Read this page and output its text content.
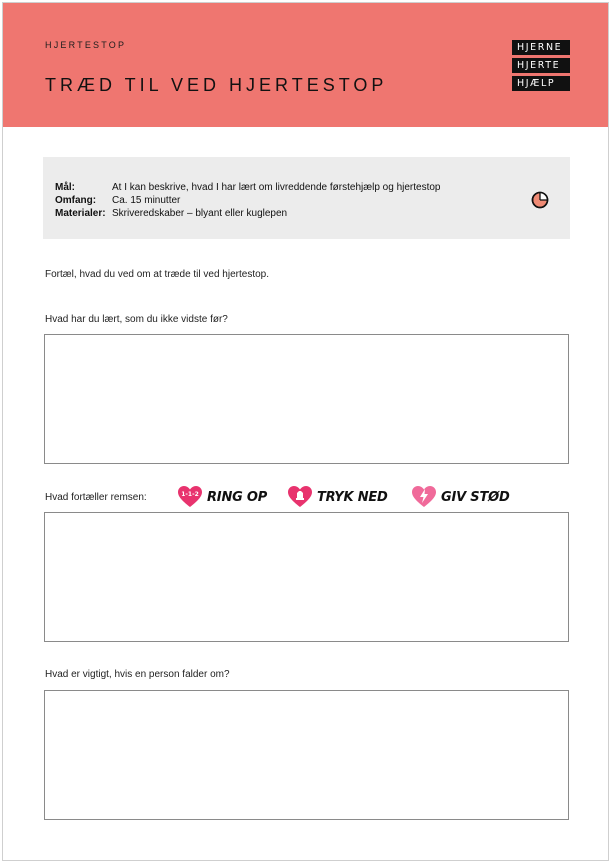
HJERTESTOP
TRÆD TIL VED HJERTESTOP
HJERNE
HJERTE
HJÆLP
Mål:	At I kan beskrive, hvad I har lært om livreddende førstehjælp og hjertestop
Omfang: Ca. 15 minutter
Materialer: Skriveredskaber – blyant eller kuglepen
Fortæl, hvad du ved om at træde til ved hjertestop.
Hvad har du lært, som du ikke vidste før?
Hvad fortæller remsen:	1-1-2 RING OP	TRYK NED	GIV STØD
Hvad er vigtigt, hvis en person falder om?
